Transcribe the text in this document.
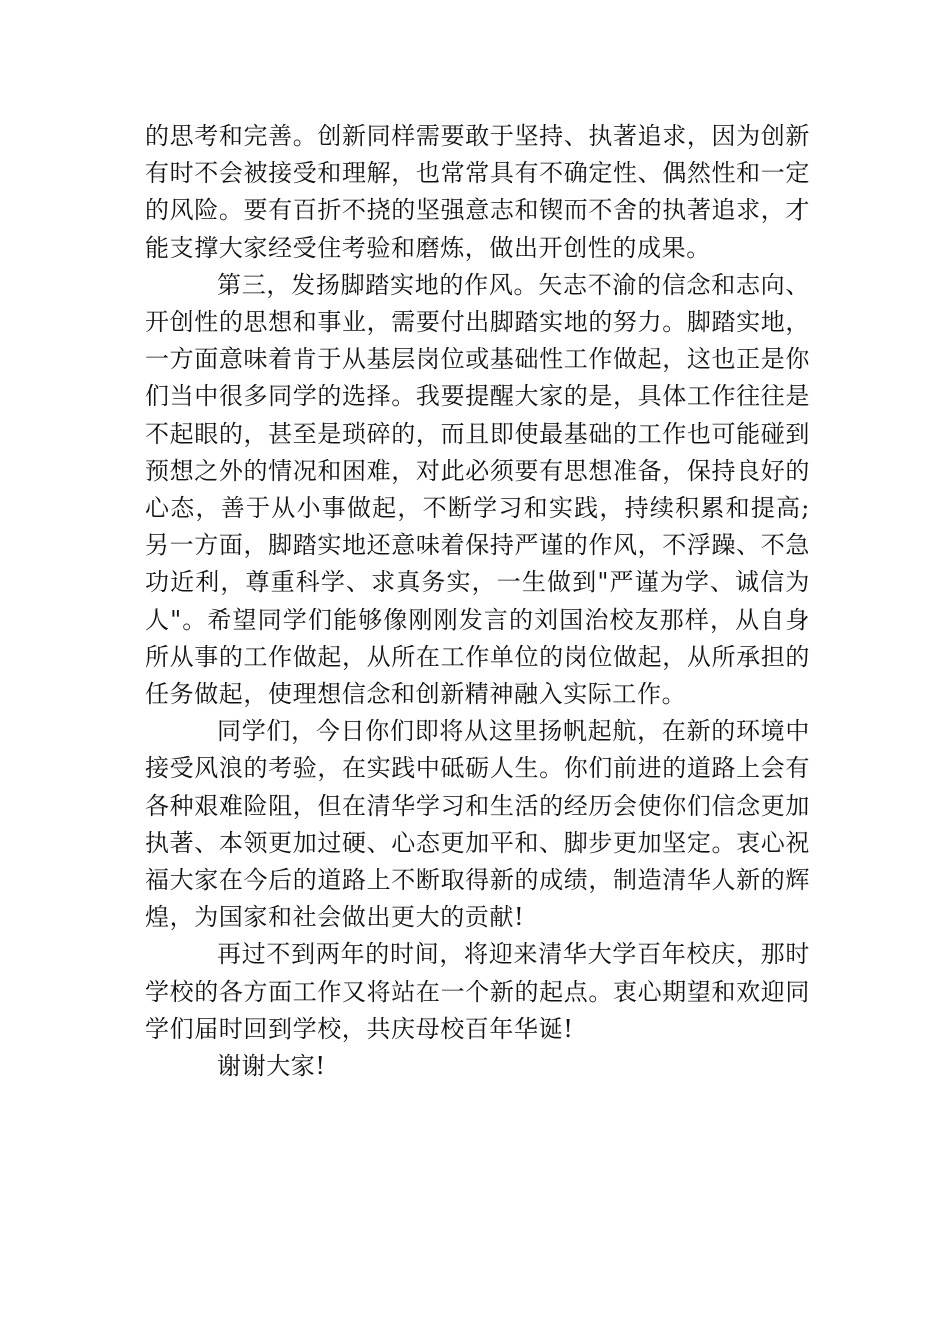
的思考和完善。创新同样需要敢于坚持、执著追求，因为创新有时不会被接受和理解，也常常具有不确定性、偶然性和一定的风险。要有百折不挠的坚强意志和锲而不舍的执著追求，才能支撑大家经受住考验和磨炼，做出开创性的成果。

第三，发扬脚踏实地的作风。矢志不渝的信念和志向、开创性的思想和事业，需要付出脚踏实地的努力。脚踏实地，一方面意味着肯于从基层岗位或基础性工作做起，这也正是你们当中很多同学的选择。我要提醒大家的是，具体工作往往是不起眼的，甚至是琐碎的，而且即使最基础的工作也可能碰到预想之外的情况和困难，对此必须要有思想准备，保持良好的心态，善于从小事做起，不断学习和实践，持续积累和提高;另一方面，脚踏实地还意味着保持严谨的作风，不浮躁、不急功近利，尊重科学、求真务实，一生做到"严谨为学、诚信为人"。希望同学们能够像刚刚发言的刘国治校友那样，从自身所从事的工作做起，从所在工作单位的岗位做起，从所承担的任务做起，使理想信念和创新精神融入实际工作。

同学们，今日你们即将从这里扬帆起航，在新的环境中接受风浪的考验，在实践中砥砺人生。你们前进的道路上会有各种艰难险阻，但在清华学习和生活的经历会使你们信念更加执著、本领更加过硬、心态更加平和、脚步更加坚定。衷心祝福大家在今后的道路上不断取得新的成绩，制造清华人新的辉煌，为国家和社会做出更大的贡献!

再过不到两年的时间，将迎来清华大学百年校庆，那时学校的各方面工作又将站在一个新的起点。衷心期望和欢迎同学们届时回到学校，共庆母校百年华诞!

谢谢大家!
